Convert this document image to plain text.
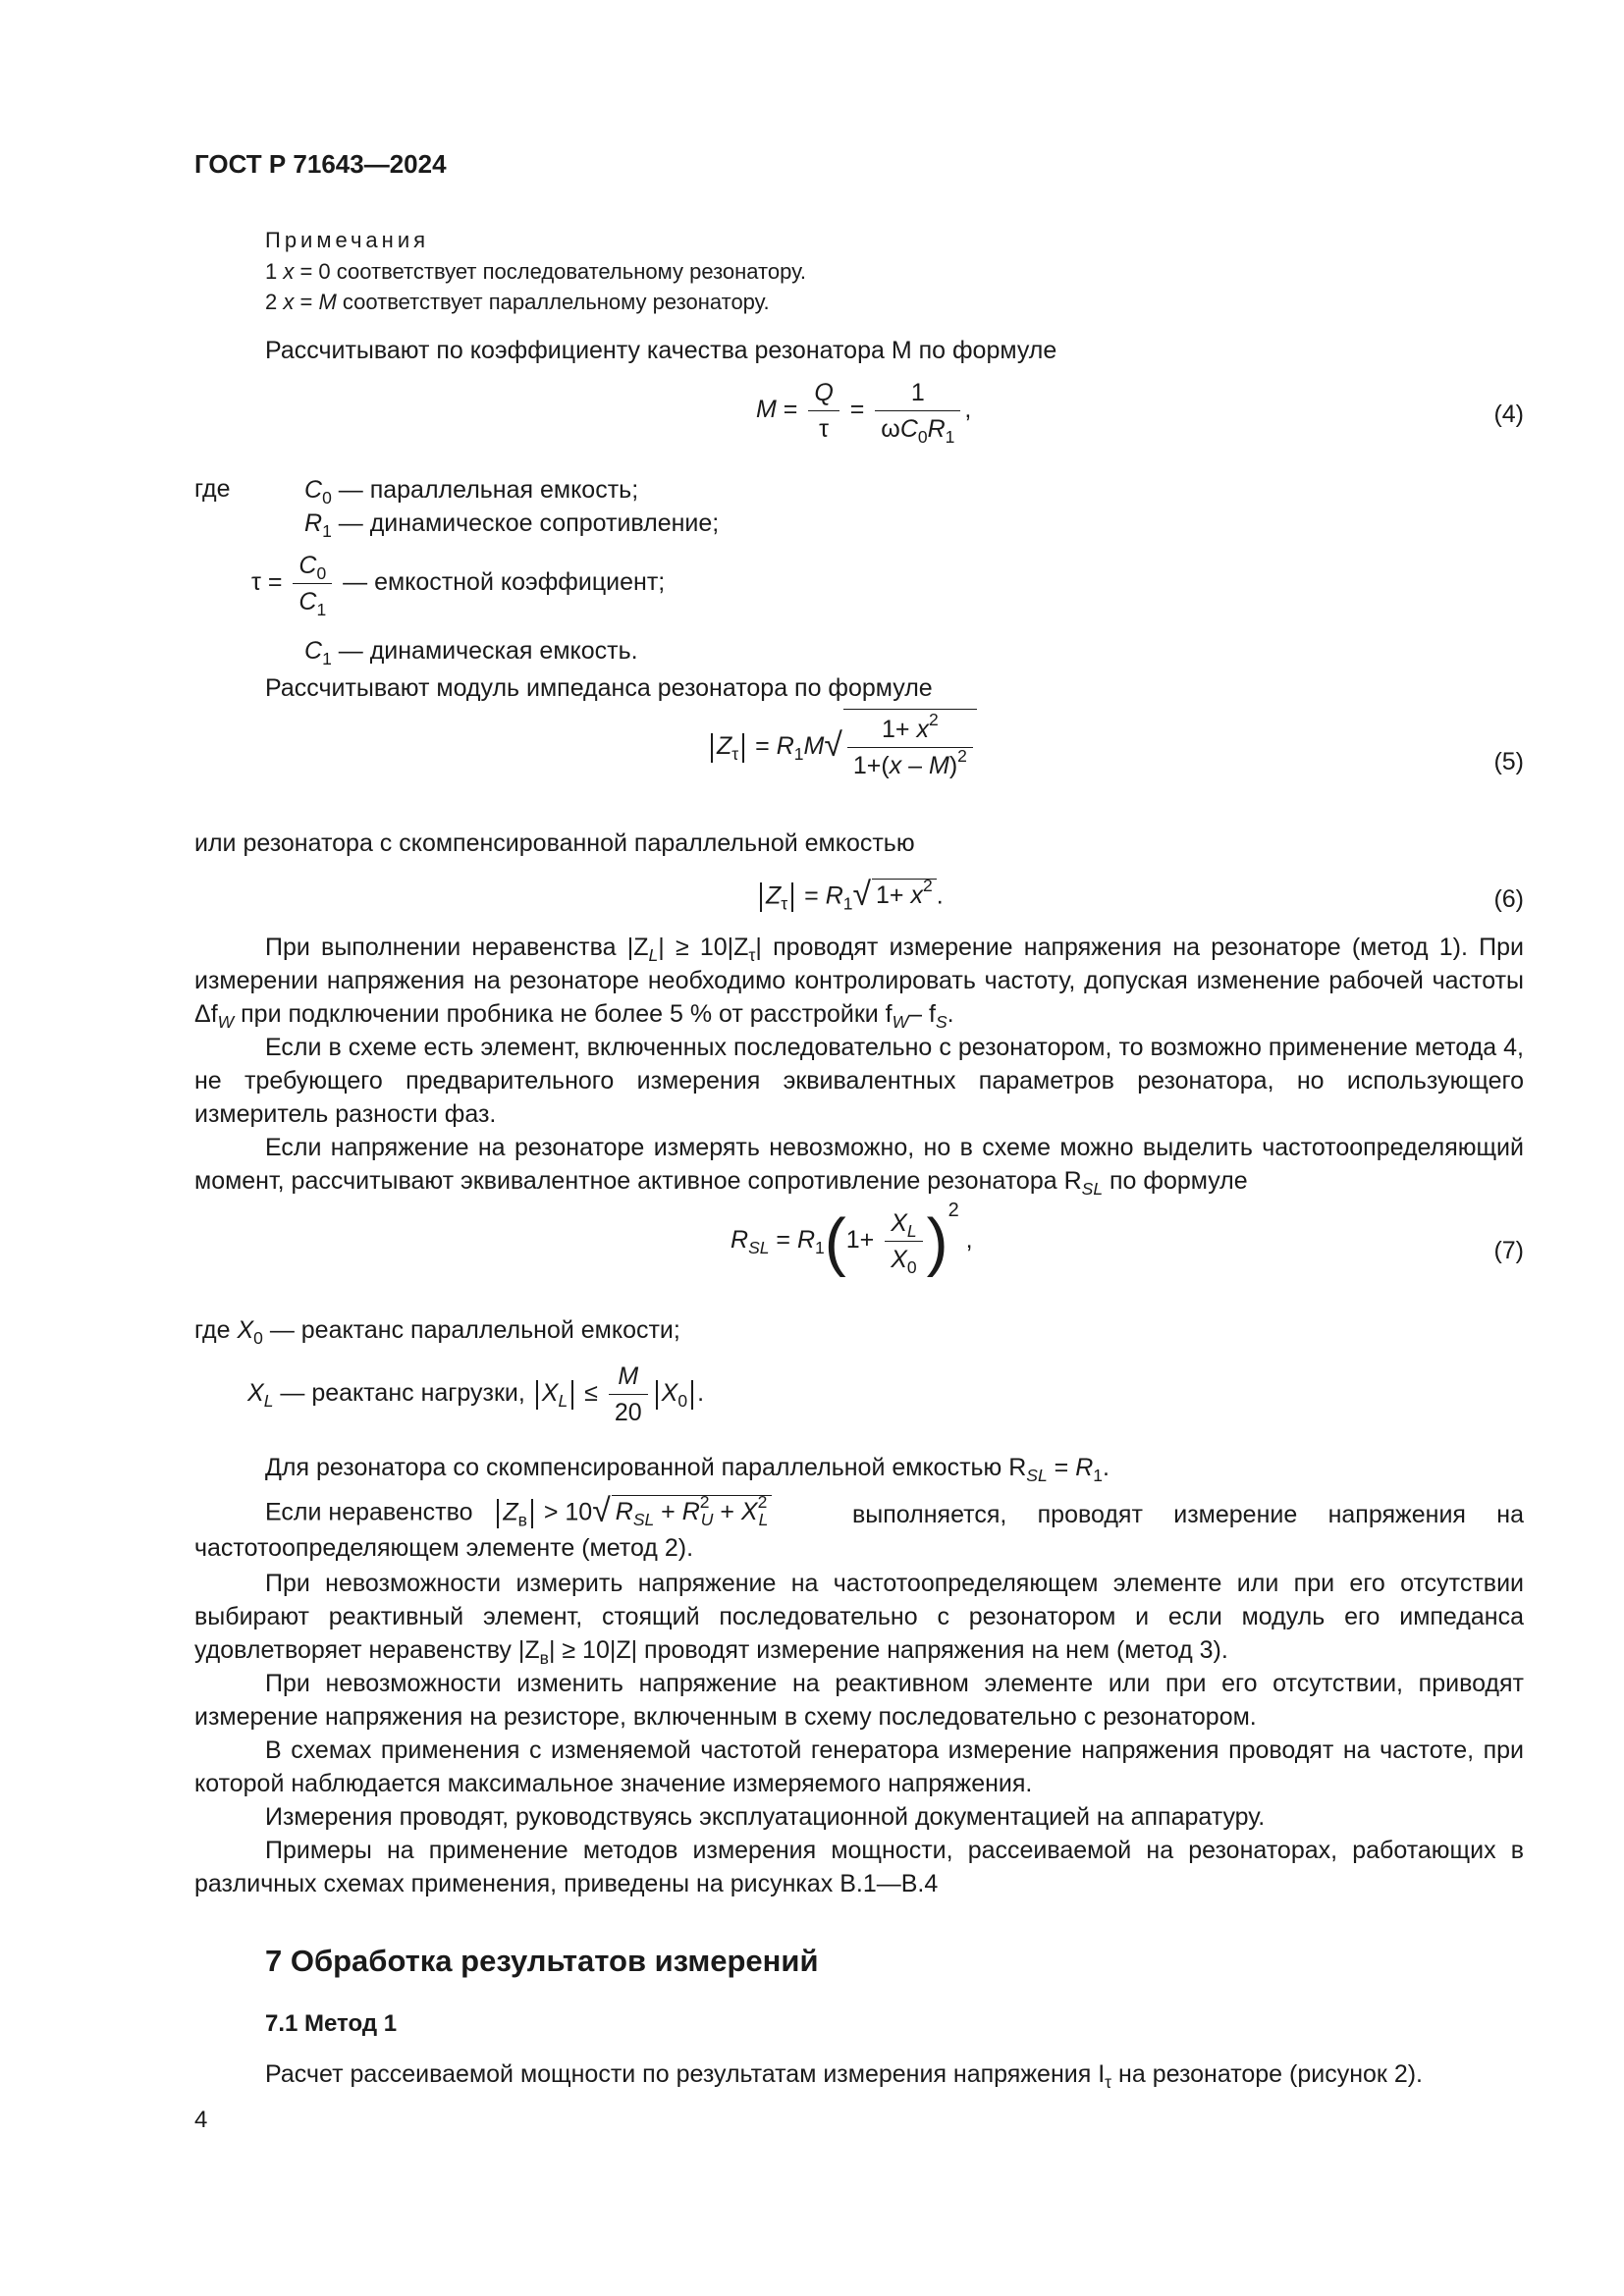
ГОСТ Р 71643—2024
Примечания
1 x = 0 соответствует последовательному резонатору.
2 x = M соответствует параллельному резонатору.
Рассчитывают по коэффициенту качества резонатора M по формуле
$M = \frac{Q}{\tau} = \frac{1}{\omega C_0R_1}$ ,	(4)
где	$C_0$ — параллельная емкость;
$R_1$ — динамическое сопротивление;
$\tau = \frac{C_0}{C_1}$ — емкостной коэффициент;
$C_1$ — динамическая емкость.
Рассчитывают модуль импеданса резонатора по формуле
$Z_\tau = R_1M√ \frac{1+ x^2}{1+(x - M)^2}$	(5)
или резонатора с скомпенсированной параллельной емкостью
$Z_\tau = R_1√$ $1+ x^2$ .	(6)

При выполнении неравенства $|Z_L| \ge 10|Z_\tau|$ проводят измерение напряжения на резонаторе (метод 1). При измерении напряжения на резонаторе необходимо контролировать частоту, допуская изменение рабочей частоты $\Delta f_W$ при подключении пробника не более 5 % от расстройки $f_W-$ $f_S$.

Если в схеме есть элемент, включенных последовательно с резонатором, то возможно применение метода 4, не требующего предварительного измерения эквивалентных параметров резонатора, но использующего измеритель разности фаз.

Если напряжение на резонаторе измерять невозможно, но в схеме можно выделить частотоопределяющий момент, рассчитывают эквивалентное активное сопротивление резонатора $R_{SL}$ по формуле

$R_{SL} = R_1(1+ \frac{X_L}{X_0} )^2$ ,	(7)
где $X_0$ — реактанс параллельной емкости;
$X_L$ — реактанс нагрузки, $X_L \le \frac{M}{20} X_0$ .
Для резонатора со скомпенсированной параллельной емкостью $R_{SL} = R_1$.
Если неравенство $Z_в > 10√$ $R_{SL} + R^2_U + X^2_L$	выполняется, проводят измерение напряжения на частотоопределяющем элементе (метод 2).

При невозможности измерить напряжение на частотоопределяющем элементе или при его отсутствии выбирают реактивный элемент, стоящий последовательно с резонатором и если модуль его импеданса удовлетворяет неравенству $|Z_в| \ge 10|Z|$ проводят измерение напряжения на нем (метод 3).

При невозможности изменить напряжение на реактивном элементе или при его отсутствии, приводят измерение напряжения на резисторе, включенным в схему последовательно с резонатором.

В схемах применения с изменяемой частотой генератора измерение напряжения проводят на частоте, при которой наблюдается максимальное значение измеряемого напряжения.

Измерения проводят, руководствуясь эксплуатационной документацией на аппаратуру.

Примеры на применение методов измерения мощности, рассеиваемой на резонаторах, работающих в различных схемах применения, приведены на рисунках В.1—В.4

7 Обработка результатов измерений
7.1 Метод 1
Расчет рассеиваемой мощности по результатам измерения напряжения $I_\tau$ на резонаторе (рисунок 2).
4
